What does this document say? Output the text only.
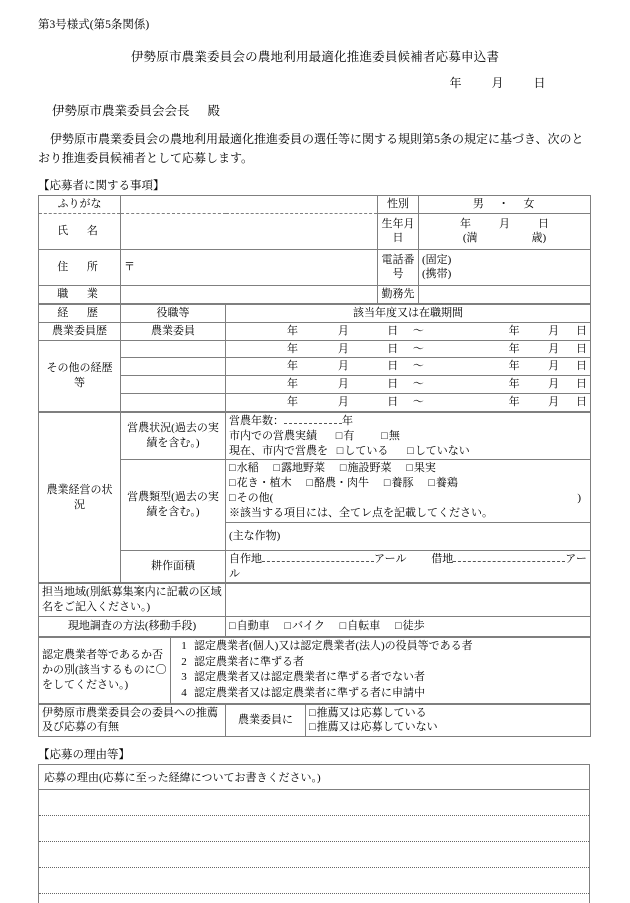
第3号様式(第5条関係)
伊勢原市農業委員会の農地利用最適化推進委員候補者応募申込書
年 月 日
伊勢原市農業委員会会長 殿
伊勢原市農業委員会の農地利用最適化推進委員の選任等に関する規則第5条の規定に基づき、次のとおり推進委員候補者として応募します。
【応募者に関する事項】
ふりがな		性別	男　・　女
氏　名		生年月日	年 月 日
(満 歳)

住　所	〒	電話番号	(固定)
(携帯)

職　業		勤務先	
経　歴	役職等	該当年度又は在職期間
農業委員歴	農業委員	年	月	日	～	年	月	日

その他の経歴等		
年	月	日	～	年	月	日

年	月	日	～	年	月	日

年	月	日	～	年	月	日

年	月	日	～	年	月	日
農業経営の状況	営農状況(過去の実績を含む。)	営農年数： 年
市内での営農実績 □有 □無
現在、市内で営農を □している □していない

	営農類型(過去の実績を含む。)	□水稲 □露地野菜 □施設野菜 □果実
□花き・植木 □酪農・肉牛 □養豚 □養鶏
□その他( )
※該当する項目には、全てレ点を記載してください。

		(主な作物)
	耕作面積	自作地 アール 借地 アール
担当地域(別紙募集案内に記載の区域名をご記入ください。)	
現地調査の方法(移動手段)	□自動車 □バイク □自転車 □徒歩
認定農業者等であるか否かの別(該当するものに〇をしてください。)	
1 認定農業者(個人)又は認定農業者(法人)の役員等である者
2 認定農業者に準ずる者
3 認定農業者又は認定農業者に準ずる者でない者
4 認定農業者又は認定農業者に準ずる者に申請中
伊勢原市農業委員会の委員への推薦及び応募の有無	農業委員に	
□推薦又は応募している
□推薦又は応募していない
【応募の理由等】
応募の理由(応募に至った経緯についてお書きください。)
